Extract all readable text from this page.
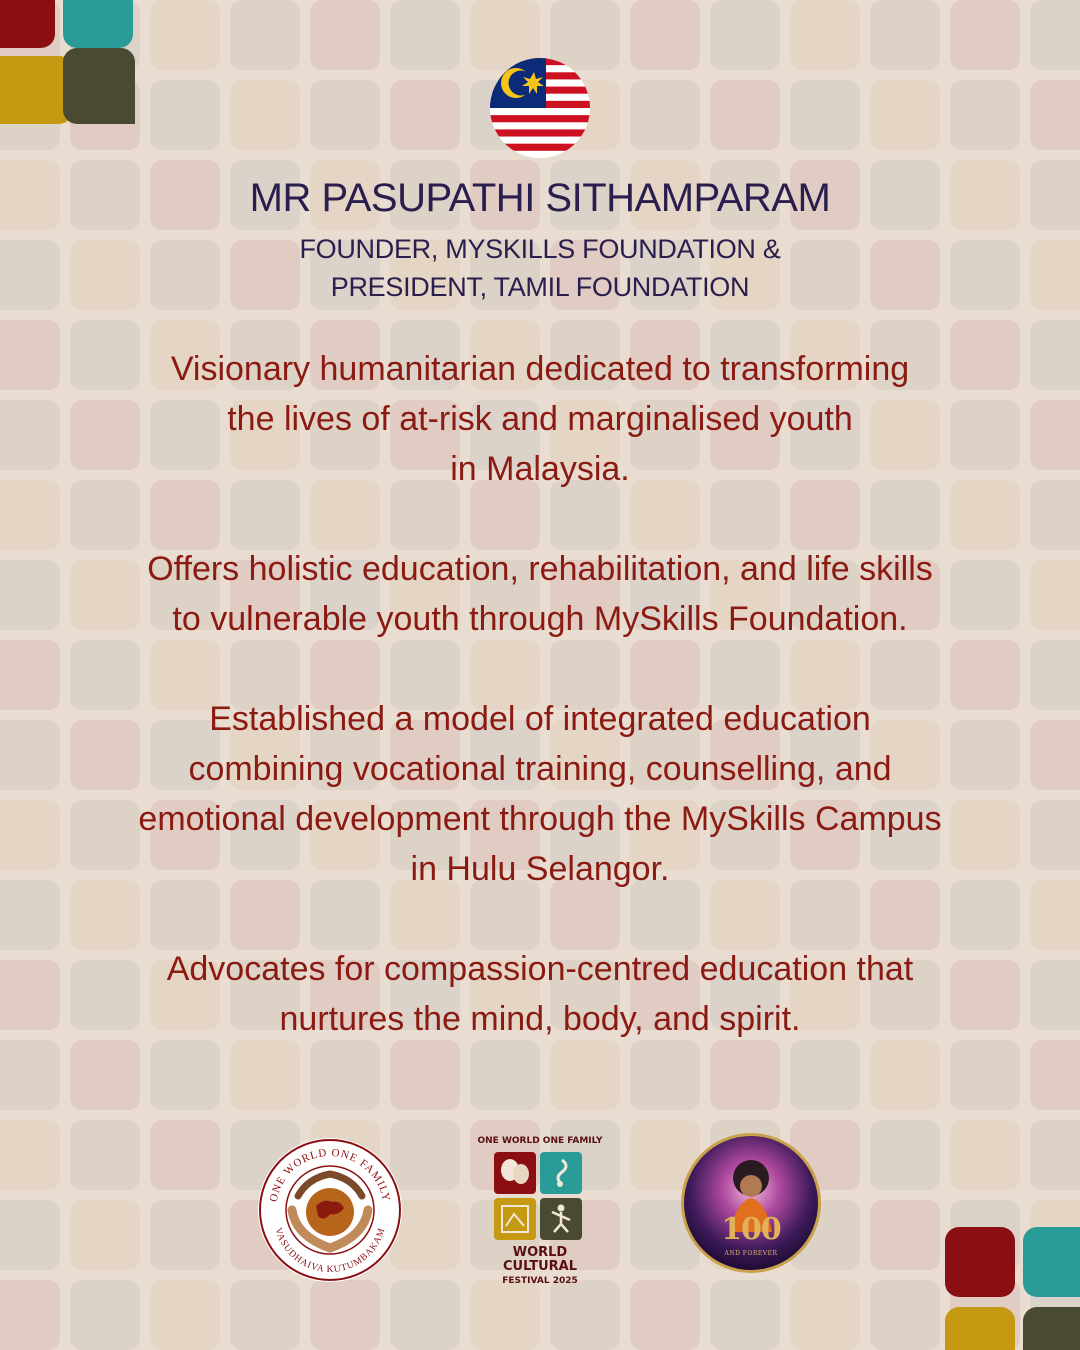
MR PASUPATHI SITHAMPARAM
FOUNDER, MYSKILLS FOUNDATION &
PRESIDENT, TAMIL FOUNDATION
Visionary humanitarian dedicated to transforming
the lives of at-risk and marginalised youth
in Malaysia.
Offers holistic education, rehabilitation, and life skills
to vulnerable youth through MySkills Foundation.
Established a model of integrated education
combining vocational training, counselling, and
emotional development through the MySkills Campus
in Hulu Selangor.
Advocates for compassion-centred education that
nurtures the mind, body, and spirit.
ONE WORLD ONE FAMILY
VASUDHAIVA KUTUMBAKAM
ONE WORLD ONE FAMILY
WORLD
CULTURAL
FESTIVAL 2025
100
AND FOREVER
